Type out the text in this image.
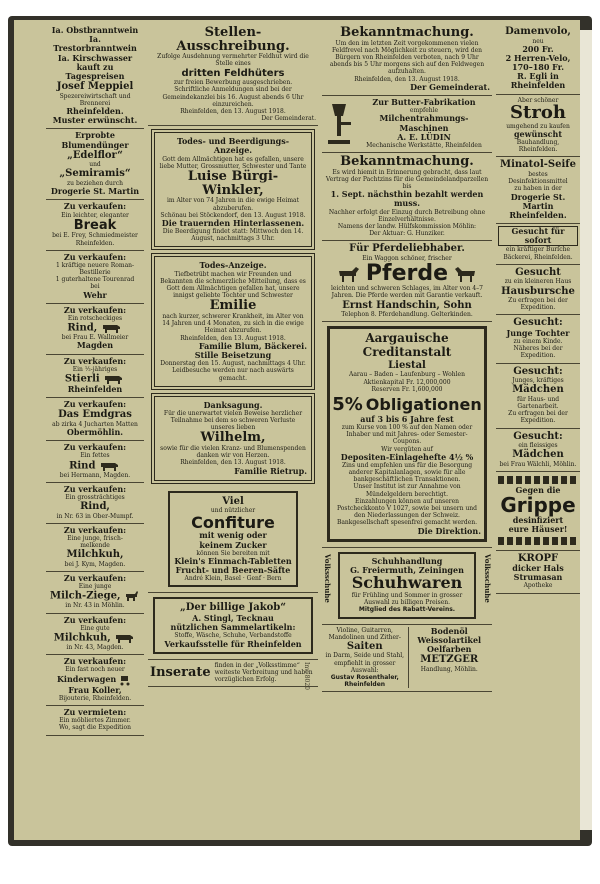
Ia. Obstbranntwein
Ia. Trestorbranntwein
Ia. Kirschwasser
kauft zu Tagespreisen
Josef Meppiel
Spezereiwirtschaft und Brennerei
Rheinfelden.
Muster erwünscht.
Erprobte Blumendünger
„Edelflor“
und
„Semiramis“
zu beziehen durch
Drogerie St. Martin
Zu verkaufen:
Ein leichter, eleganter
Break
bei E. Frey, Schmiedmeister
Rheinfelden.
Zu verkaufen:
1 kräftige neuere Roman-Bestillerie
1 guterhaltene Tourenrad
bei
Wehr
Zu verkaufen:
Ein rotscheckiges
Rind,
bei Frau E. Wallmeier
Magden
Zu verkaufen:
Ein ½-jähriges
Stierli
Rheinfelden
Zu verkaufen:
Das Emdgras
ab zirka 4 Jucharten Matten
Obermöhlin.
Zu verkaufen:
Ein fettes
Rind
bei Hermann, Magden.
Zu verkaufen:
Ein grossträchtiges
Rind,
in Nr. 63 in Ober-Mumpf.
Zu verkaufen:
Eine junge, frisch-
melkende
Milchkuh,
bei J. Kym, Magden.
Zu verkaufen:
Eine junge
Milch-Ziege,
in Nr. 43 in Möhlin.
Zu verkaufen:
Eine gute
Milchkuh,
in Nr. 43, Magden.
Zu verkaufen:
Ein fast noch neuer
Kinderwagen
Frau Koller,
Bijouterie, Rheinfelden.
Zu vermieten:
Ein möbliertes Zimmer.
Wo, sagt die Expedition
Stellen-Ausschreibung.
Zufolge Ausdehnung vermehrter Feldhut wird die Stelle eines
dritten Feldhüters
zur freien Bewerbung ausgeschrieben.
Schriftliche Anmeldungen sind bei der Gemeindekanzlei bis 16. August abends 6 Uhr einzureichen.
Rheinfelden, den 13. August 1918.
Der Gemeinderat.
Todes- und Beerdigungs-Anzeige.
Gott dem Allmächtigen hat es gefallen, unsere liebe Mutter, Grossmutter, Schwester und Tante
Luise Bürgi-Winkler,
im Alter von 74 Jahren in die ewige Heimat abzuberufen.
Schönau bei Stöckendorf, den 13. August 1918.
Die trauernden Hinterlassenen.
Die Beerdigung findet statt: Mittwoch den 14. August, nachmittags 3 Uhr.
Todes-Anzeige.
Tiefbetrübt machen wir Freunden und Bekannten die schmerzliche Mitteilung, dass es Gott dem Allmächtigen gefallen hat, unsere innigst geliebte Tochter und Schwester
Emilie
nach kurzer, schwerer Krankheit, im Alter von 14 Jahren und 4 Monaten, zu sich in die ewige Heimat abzurufen.
Rheinfelden, den 13. August 1918.
Familie Blum, Bäckerei.
Stille Beisetzung
Donnerstag den 15. August, nachmittags 4 Uhr.
Leidbesuche werden nur nach auswärts gemacht.
Danksagung.
Für die unerwartet vielen Beweise herzlicher Teilnahme bei dem so schweren Verluste unseres lieben
Wilhelm,
sowie für die vielen Kranz- und Blumenspenden danken wir von Herzen.
Rheinfelden, den 13. August 1918.
Familie Rietrup.
Viel
und nützlicher
Confiture
mit wenig oder
keinem Zucker
können Sie bereiten mit
Klein's Einmach-Tabletten
Frucht- und Beeren-Säfte
André Klein, Basel · Genf · Bern
„Der billige Jakob“
A. Stingl, Tecknau
nützlichen Sammelartikeln:
Stoffe, Wäsche, Schuhe, Verbandstoffe
Verkaufsstelle für Rheinfelden
Inserate finden in der „Volksstimme“ weiteste Verbreitung und haben vorzüglichen Erfolg.
Bekanntmachung.
Um den im letzten Zeit vorgekommenen vielen Feldfrevel nach Möglichkeit zu steuern, wird den Bürgern von Rheinfelden verboten, nach 9 Uhr abends bis 5 Uhr morgens sich auf den Feldwegen aufzuhalten.
Rheinfelden, den 13. August 1918.
Der Gemeinderat.
Zur Butter-Fabrikation
empfehle
Milchentrahmungs-Maschinen
A. E. LÜDIN
Mechanische Werkstätte, Rheinfelden
Bekanntmachung.
Es wird hiemit in Erinnerung gebracht, dass laut Vertrag der Pachtzins für die Gemeindelandparzellen bis
1. Sept. nächsthin bezahlt werden muss.
Nachher erfolgt der Einzug durch Betreibung ohne Einzelverhältnisse.
Namens der landw. Hülfskommission Möhlin:
Der Aktuar: G. Hunziker.
Für Pferdeliebhaber.
Ein Waggon schöner, frischer
Pferde
leichten und schweren Schlages, im Alter von 4–7 Jahren. Die Pferde werden mit Garantie verkauft.
Ernst Handschin, Sohn
Telephon 8. Pferdehandlung. Gelterkinden.
Aargauische Creditanstalt
Liestal
Aarau – Baden – Laufenburg – Wohlen
Aktienkapital Fr. 12,000,000
Reserven Fr. 1,600,000
5% Obligationen
auf 3 bis 6 Jahre fest
zum Kurse von 100 % auf den Namen oder Inhaber und mit Jahres- oder Semester-Coupons.
Wir vergüten auf
Depositen-Einlagehefte 4½ %
Zins und empfehlen uns für die Besorgung anderer Kapitalanlagen, sowie für alle bankgeschäftlichen Transaktionen.
Unser Institut ist zur Annahme von Mündelgeldern berechtigt.
Einzahlungen können auf unseren Postcheckkonto V 1027, sowie bei unsern und den Niederlassungen der Schweiz. Bankgesellschaft spesenfrei gemacht werden.
Die Direktion.
Schuhhandlung
G. Freiermuth, Zeiningen
Schuhwaren
für Frühling und Sommer in grosser Auswahl zu billigen Preisen.
Mitglied des Rabatt-Vereins.
Volksschuhe	Volksschuhe
Violine, Guitarren, Mandolinen und Zither-
Saiten
in Darm, Seide und Stahl, empfiehlt in grosser Auswahl:
Gustav Rosenthaler, Rheinfelden
Bodenöl
Weissolartikel
Oelfarben
METZGER
Handlung, Möhlin.
Damenvolo,
neu
200 Fr.
2 Herren-Velo,
170–180 Fr.
R. Egli in Rheinfelden
Aber schöner
Stroh
umgehend zu kaufen
gewünscht
Bauhandlung, Rheinfelden.
Minatol-Seife
bestes Desinfektionsmittel
zu haben in der
Drogerie St. Martin
Rheinfelden.
Gesucht für sofort
ein kräftiger Burſche
Bäckerei, Rheinfelden.
Gesucht
zu ein kleineren Haus
Hausbursche
Zu erfragen bei der Expedition.
Gesucht:
Junge Tochter
zu einem Kinde.
Näheres bei der Expedition.
Gesucht:
Junges, kräftiges
Mädchen
für Haus- und Gartenarbeit.
Zu erfragen bei der Expedition.
Gesucht:
ein fleissiges
Mädchen
bei Frau Wälchli, Möhlin.
Gegen die
Grippe
desinfiziert
eure Häuser!
KROPF
dicker Hals
Strumasan
Apotheke
Inv. 8020
